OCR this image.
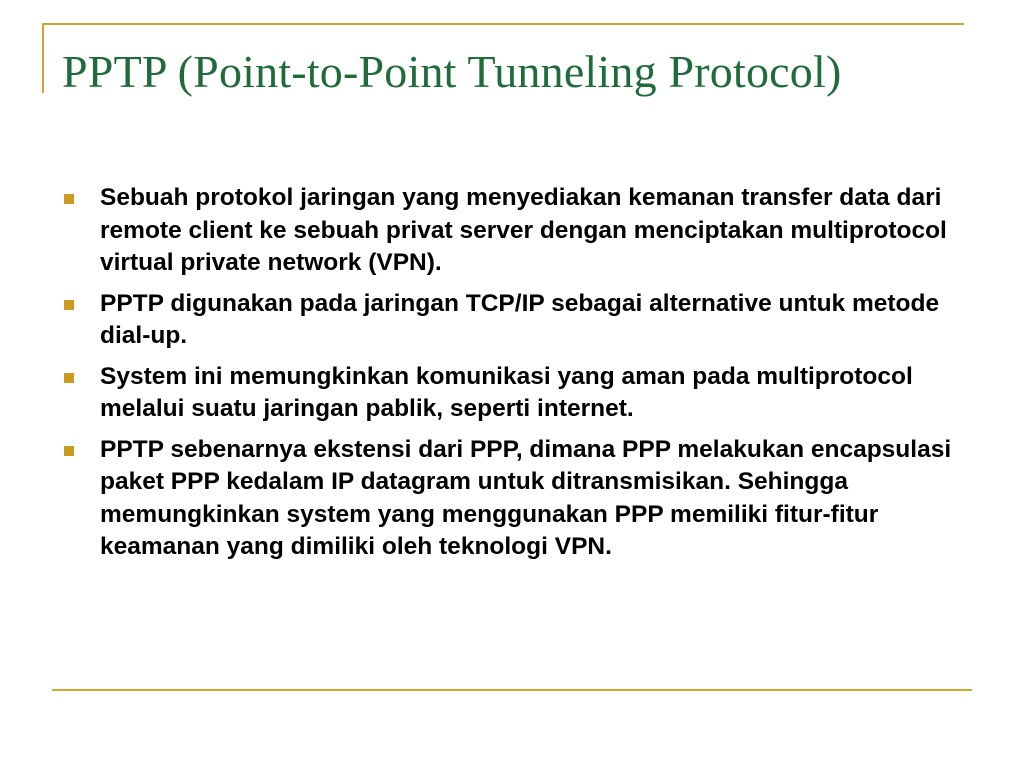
PPTP (Point-to-Point Tunneling Protocol)
Sebuah protokol jaringan yang menyediakan kemanan transfer data dari remote client ke sebuah privat server dengan menciptakan multiprotocol virtual private network (VPN).
PPTP digunakan pada jaringan TCP/IP sebagai alternative untuk metode dial-up.
System ini memungkinkan komunikasi yang aman pada multiprotocol melalui suatu jaringan pablik, seperti internet.
PPTP sebenarnya ekstensi dari PPP, dimana PPP melakukan encapsulasi paket PPP kedalam IP datagram untuk ditransmisikan. Sehingga memungkinkan system yang menggunakan PPP memiliki fitur-fitur keamanan yang dimiliki oleh teknologi VPN.
